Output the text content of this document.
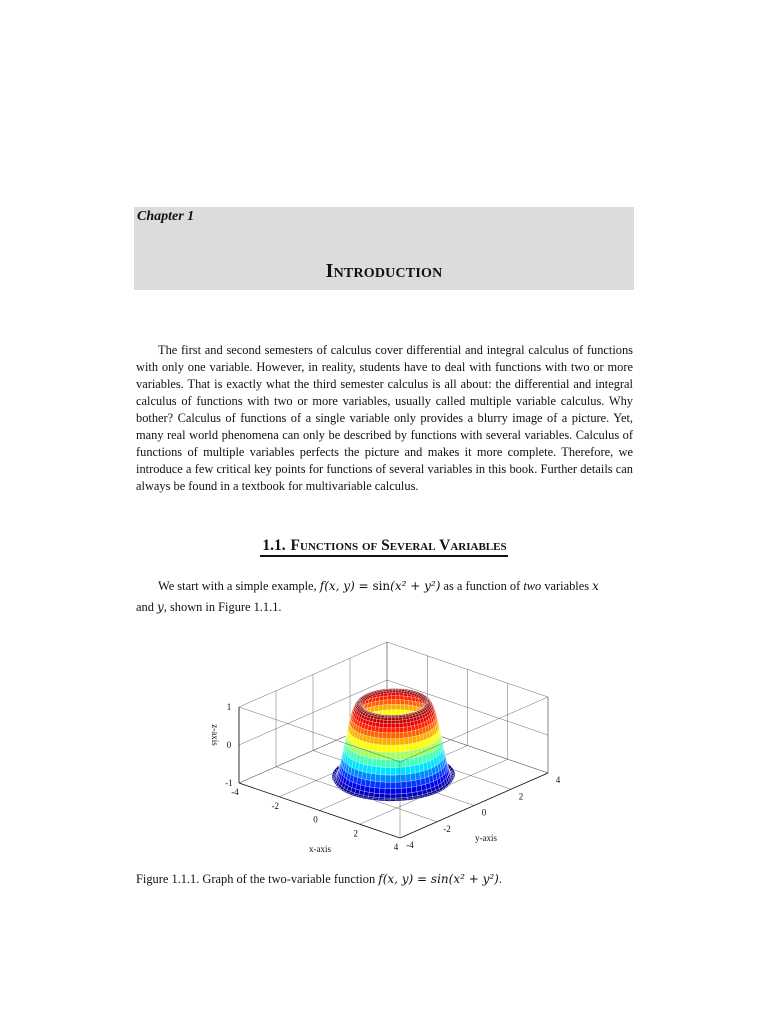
Chapter 1
Introduction

The first and second semesters of calculus cover differential and integral calculus of functions with only one variable. However, in reality, students have to deal with functions with two or more variables. That is exactly what the third semester calculus is all about: the differential and integral calculus of functions with two or more variables, usually called multiple variable calculus. Why bother? Calculus of functions of a single variable only provides a blurry image of a picture. Yet, many real world phenomena can only be described by functions with several variables. Calculus of functions of multiple variables perfects the picture and makes it more complete. Therefore, we introduce a few critical key points for functions of several variables in this book. Further details can always be found in a textbook for multivariable calculus.

1.1. Functions of Several Variables
We start with a simple example, f(x, y) = sin(x² + y²) as a function of two variables x
and y, shown in Figure 1.1.1.
-4
-2
0
2
4 -4
-2
0
2
4
-1
0
1
x-axis
y-axis
z-axis
Figure 1.1.1. Graph of the two-variable function f(x, y) = sin(x² + y²).
